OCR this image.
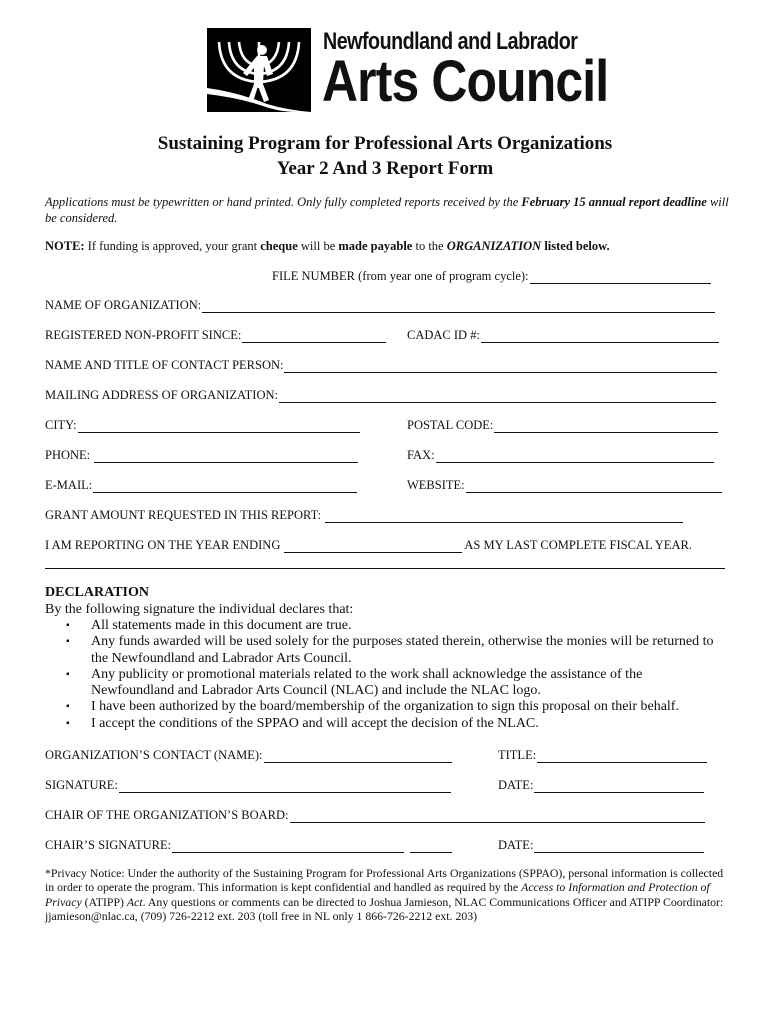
Newfoundland and Labrador
Arts Council
Sustaining Program for Professional Arts Organizations
Year 2 And 3 Report Form
Applications must be typewritten or hand printed. Only fully completed reports received by the February 15 annual report deadline will be considered.
NOTE: If funding is approved, your grant cheque will be made payable to the ORGANIZATION listed below.
FILE NUMBER (from year one of program cycle):
NAME OF ORGANIZATION:
REGISTERED NON-PROFIT SINCE:	CADAC ID #:
NAME AND TITLE OF CONTACT PERSON:
MAILING ADDRESS OF ORGANIZATION:
CITY:	POSTAL CODE:
PHONE:	FAX:
E-MAIL:	WEBSITE:
GRANT AMOUNT REQUESTED IN THIS REPORT:
I AM REPORTING ON THE YEAR ENDING	AS MY LAST COMPLETE FISCAL YEAR.
DECLARATION
By the following signature the individual declares that:
▪ All statements made in this document are true.
▪ Any funds awarded will be used solely for the purposes stated therein, otherwise the monies will be returned to the Newfoundland and Labrador Arts Council.
▪ Any publicity or promotional materials related to the work shall acknowledge the assistance of the Newfoundland and Labrador Arts Council (NLAC) and include the NLAC logo.
▪ I have been authorized by the board/membership of the organization to sign this proposal on their behalf.
▪ I accept the conditions of the SPPAO and will accept the decision of the NLAC.
ORGANIZATION’S CONTACT (NAME):	TITLE:
SIGNATURE:	DATE:
CHAIR OF THE ORGANIZATION’S BOARD:
CHAIR’S SIGNATURE:	DATE:
*Privacy Notice: Under the authority of the Sustaining Program for Professional Arts Organizations (SPPAO), personal information is collected in order to operate the program. This information is kept confidential and handled as required by the Access to Information and Protection of Privacy (ATIPP) Act. Any questions or comments can be directed to Joshua Jamieson, NLAC Communications Officer and ATIPP Coordinator: jjamieson@nlac.ca, (709) 726-2212 ext. 203 (toll free in NL only 1 866-726-2212 ext. 203)
